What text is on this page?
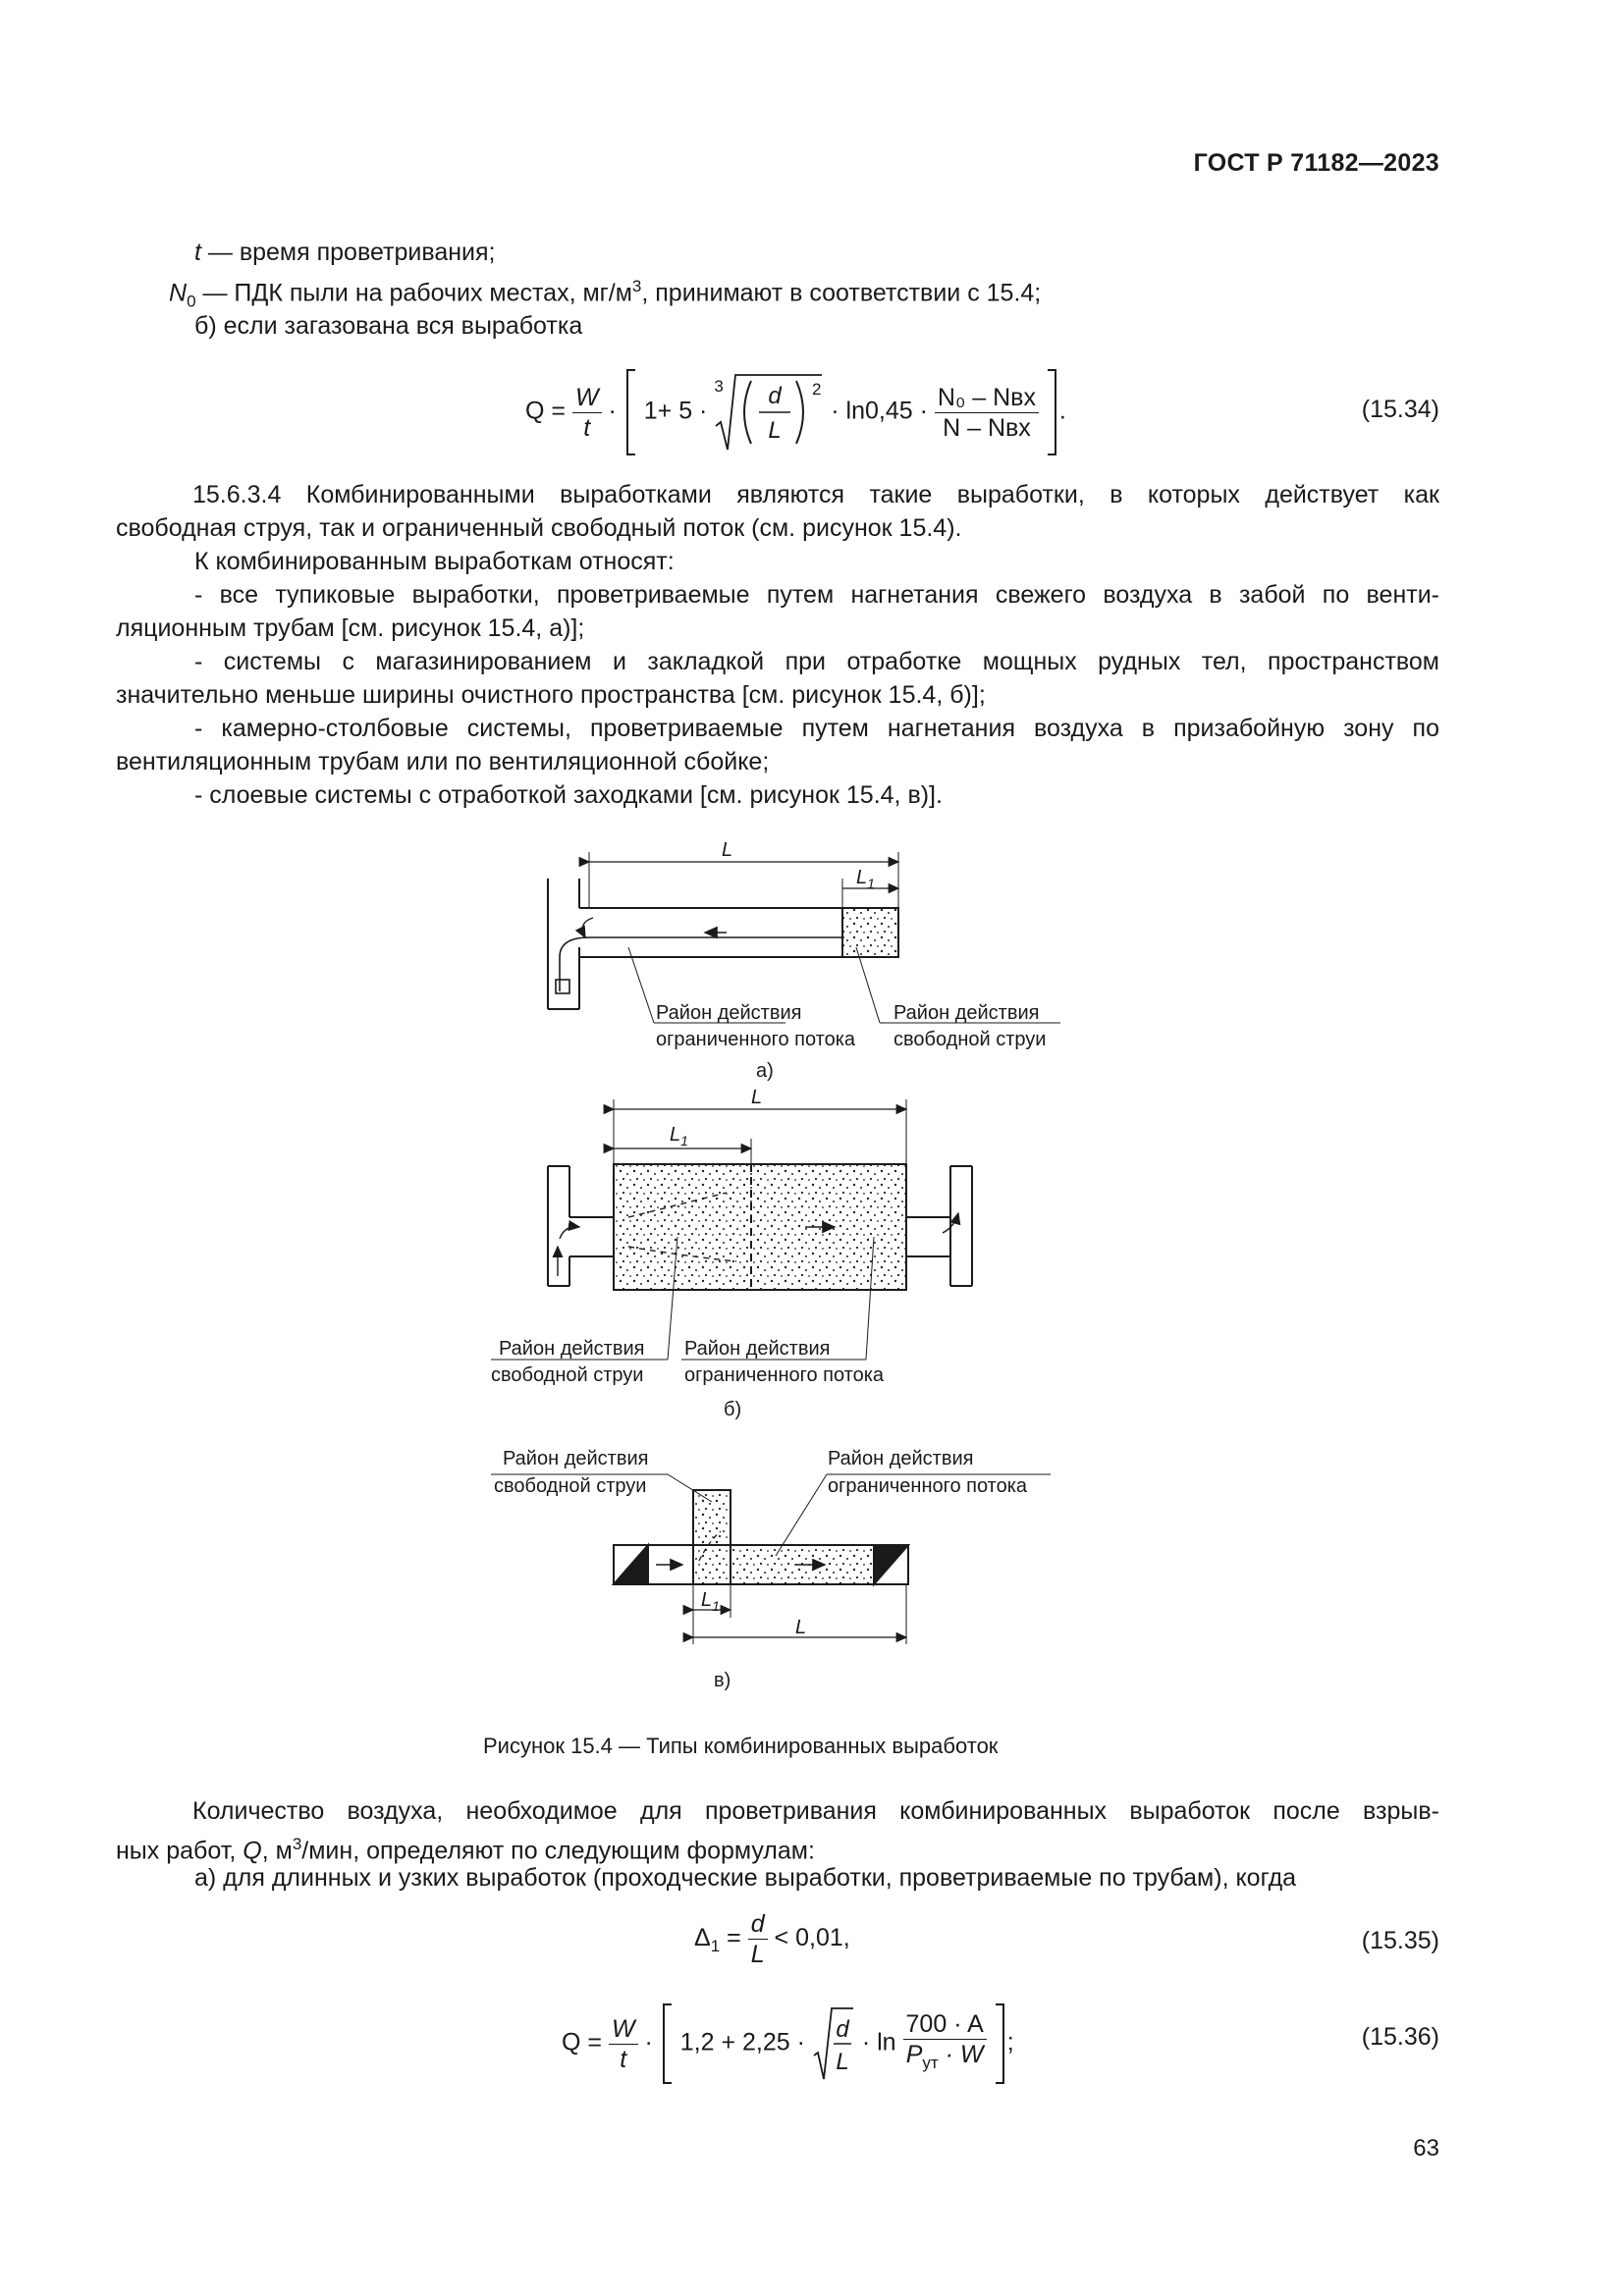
ГОСТ Р 71182—2023
t — время проветривания;
$N_0$ — ПДК пыли на рабочих местах, $мг/м^3$, принимают в соответствии с 15.4;
б) если загазована вся выработка
$Q = \frac{W}{t} \cdot 1+ 5$ ·
3 d
L
2
· $\ln 0,45 \cdot \frac{\text{N₀ – Nвх}}{\text{N – Nвх}}$ .	(15.34)
15.6.3.4 Комбинированными выработками являются такие выработки, в которых действует как
свободная струя, так и ограниченный свободный поток (см. рисунок 15.4).
К комбинированным выработкам относят:
- все тупиковые выработки, проветриваемые путем нагнетания свежего воздуха в забой по венти-
ляционным трубам [см. рисунок 15.4, а)];
- системы с магазинированием и закладкой при отработке мощных рудных тел, пространством
значительно меньше ширины очистного пространства [см. рисунок 15.4, б)];
- камерно-столбовые системы, проветриваемые путем нагнетания воздуха в призабойную зону по
вентиляционным трубам или по вентиляционной сбойке;
- слоевые системы с отработкой заходками [см. рисунок 15.4, в)].
L
$L_1$
Район действия
ограниченного потока
Район действия
свободной струи
а)
L
$L_1$
Район действия
свободной струи
Район действия
ограниченного потока
б)
Район действия
свободной струи
Район действия
ограниченного потока
$L_1$
L
в)
Рисунок 15.4 — Типы комбинированных выработок
Количество воздуха, необходимое для проветривания комбинированных выработок после взрыв-
ных работ, Q, $м^3$/мин, определяют по следующим формулам:
а) для длинных и узких выработок (проходческие выработки, проветриваемые по трубам), когда
$\Delta_1 = \frac{d}{L} < 0,01$,	(15.35)
$Q = \frac{W}{t} \cdot 1,2 + 2,25 \cdot d$
L
· $\ln \frac{700 \cdot A}{P_{ут} \cdot W}$ ;	(15.36)
63
